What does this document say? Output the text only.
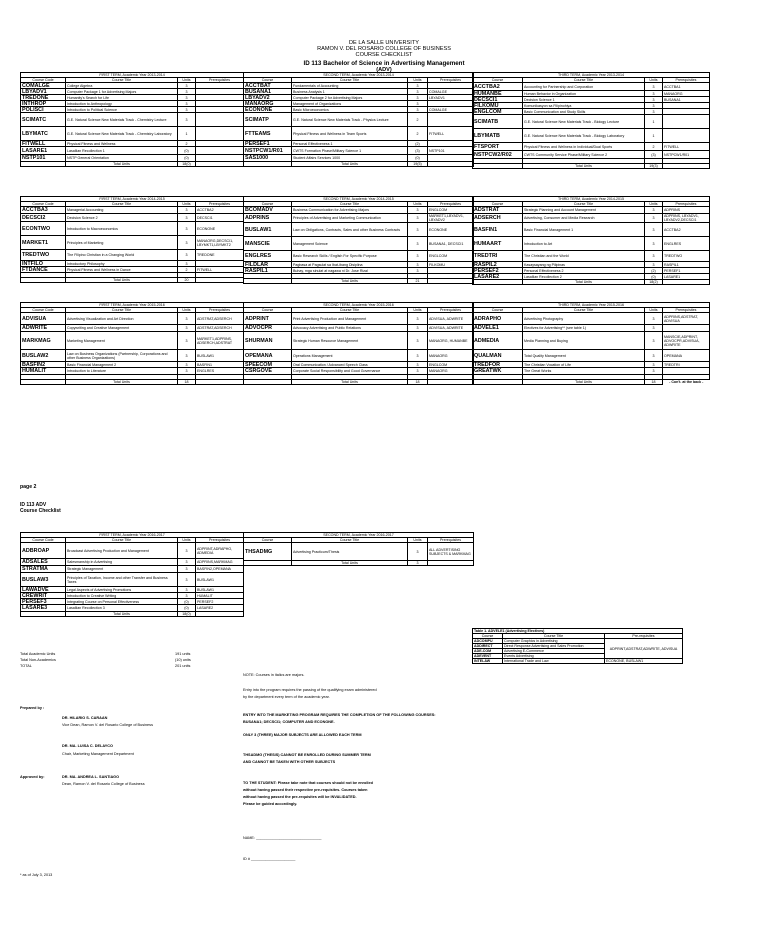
DE LA SALLE UNIVERSITY
RAMON V. DEL ROSARIO COLLEGE OF BUSINESS
COURSE CHECKLIST
ID 113 Bachelor of Science in Advertising Management
(ADV)
FIRST TERM, Academic Year 2013-2014			
Course Code	Course Title	Units	Prerequisites
COMALGE	College Algebra	3	
LBYADV1	Computer Package 1 for Advertising Majors	3	
TREDONE	Humanity's Search for Life	3	
INTHROP	Introduction to Anthropology	3	
POLISCI	Introduction to Political Science	3	
SCIMATC	G.E. Natural Science New Materials Track - Chemistry Lecture	3	
LBYMATC	G.E. Natural Science New Materials Track - Chemistry Laboratory	1	
FITWELL	Physical Fitness and Wellness	2	
LASARE1	Lasallian Recollection 1	(0)	
NSTP101	NSTP General Orientation	(0)	
	Total Units	18(0)	
SECOND TERM, Academic Year 2013-2014			
Course	Course Title	Units	Prerequisites
ACCTBAT	Fundamentals of Accounting	3	
BUSANA1	Business Analysis 1	3	COMALGE
LBYADV2	Computer Package 2 for Advertising Majors	3	LBYADV1
MANAORG	Management of Organizations	3	
ECONONE	Basic Microeconomics	3	COMALGE
SCIMATP	G.E. Natural Science New Materials Track - Physics Lecture	2	
FTTEAMS	Physical Fitness and Wellness in Team Sports	2	FITWELL
PERSEF1	Personal Effectiveness 1	(2)	
NSTPCW1/R01	CWTS Formation Phase/Military Science 1	(3)	NSTP101
SAS1000	Student Affairs Services 1000	(0)	
	Total Units	19(5)	
THIRD TERM, Academic Year 2013-2014			
Course	Course Title	Units	Prerequisites
ACCTBA2	Accounting for Partnership and Corporation	3	ACCTBA1
HUMANBE	Human Behavior in Organization	3	MANAORG
DECSCI1	Decision Science 1	3	BUSANA1
FILKOMU	Komunikasyon sa Filipinohiya	3	
ENGLCOM	Basic Communication and Study Skills	3	
SCIMATB	G.E. Natural Science New Materials Track - Biology Lecture	1	
LBYMATB	G.E. Natural Science New Materials Track - Biology Laboratory	1	
FTSPORT	Physical Fitness and Wellness in Individual/Dual Sports	2	FITWELL
NSTPCW2/R02	CWTS Community Service Phase/Military Science 2	(3)	NSTPCW1/R01

	Total Units	19(3)	
FIRST TERM, Academic Year 2014-2015			
Course Code	Course Title	Units	Prerequisites
ACCTBA3	Managerial Accounting	3	ACCTBA2
DECSCI2	Decision Science 2	3	DECSCI1
ECONTWO	Introduction to Macroeconomics	3	ECONONE
MARKET1	Principles of Marketing	3	MANAORG,DECSCI1, LBYMKT1,LBYMKT2
TREDTWO	The Filipino Christian in a Changing World	3	TREDONE
INTFILO	Introductory Philosophy	3	
FTDANCE	Physical Fitness and Wellness in Dance	2	FITWELL

	Total Units	20	
SECOND TERM, Academic Year 2014-2015			
Course	Course Title	Units	Prerequisites
BCOMADV	Business Communication for Advertising Majors	3	ENGLCOM
ADPRINS	Principles of Advertising and Marketing Communication	3	MARKET1,LBYADV1, LBYADV2
BUSLAW1	Law on Obligations, Contracts, Sales and other Business Contracts	3	ECONONE
MANSCIE	Management Science	3	BUSANA1, DECSCI1
ENGLRES	Basic Research Skills / English For Specific Purpose	3	ENGLCOM
FILDLAR	Pagbasa at Pagsulat sa Ibat-ibang Disiplina	3	FILKOMU
RASPIL1	Buhay, mga sinulat at nagawa ni Dr. Jose Rizal	3	

	Total Units	21	
THIRD TERM, Academic Year 2014-2015			
Course	Course Title	Units	Prerequisites
ADSTRAT	Strategic Planning and Account Management	3	ADPRINS
ADSERCH	Advertising, Consumer and Media Research	3	ADPRINS, LBYADV1, LBYADV2,DECSCI1
BASFIN1	Basic Financial Management 1	3	ACCTBA2
HUMAART	Introduction to Art	3	ENGLRES
TREDTRI	The Christian and the World	3	TREDTWO
RASPIL2	Kasaysayang ng Pilipinas	3	RASPIL1
PERSEF2	Personal Effectiveness 2	(2)	PERSEF1
LASARE2	Lasallian Recollection 2	(0)	LASARE1
	Total Units	18(2)	
FIRST TERM, Academic Year 2015-2016			
Course Code	Course Title	Units	Prerequisites
ADVISUA	Advertising Visualization and Art Direction	3	ADSTRAT,ADSERCH
ADWRITE	Copywriting and Creative Management	3	ADSTRAT,ADSERCH
MARKMAG	Marketing Management	3	MARKET1,ADPRINS, ADSERCH,ADSTRAT
BUSLAW2	Law on Business Organizations (Partnership, Corporations and other Business Organizations)	3	BUSLAW1
BASFIN2	Basic Financial Management 2	3	BASFIN1
HUMALIT	Introduction to Literature	3	ENGLRES

	Total Units	18	
SECOND TERM, Academic Year 2015-2016			
Course	Course Title	Units	Prerequisites
ADPRINT	Print Advertising Production and Management	3	ADVISUA, ADWRITE
ADVOCPR	Advocacy Advertising and Public Relations	3	ADVISUA, ADWRITE
SHURMAN	Strategic Human Resource Management	3	MANAORG, HUMANBE
OPEMANA	Operations Management	3	MANAORG
SPEECOM	Oral Communication / Advanced Speech Class	3	ENGLCOM
CSRGOVE	Corporate Social Responsibility and Good Governance	3	MANAORG

	Total Units	18	
THIRD TERM, Academic Year 2015-2016			
Course	Course Title	Units	Prerequisites
ADRAPHO	Advertising Photography	3	ADPRINS,ADSTRAT, ADVISUA
ADVELE1	Electives for Advertising** (see table 1)	3	
ADMEDIA	Media Planning and Buying	3	MANSCIE,ADPRINT, ADVOCPR,ADVISUA, ADWRITE
QUALMAN	Total Quality Management	3	OPEMANA
TREDFOR	The Christian Vocation of Life	3	TREDTRI
GREATWK	The Great Works	3	

	Total Units	18	- Con't. at the back -
FIRST TERM, Academic Year 2016-2017			
Course Code	Course Title	Units	Prerequisites
ADBROAP	Broadcast Advertising Production and Management	3	ADPRINT,ADRAPHO, ADMEDIA
ADSALES	Salesmanship in Advertising	3	ADPRINS,MARKMAG
STRATMA	Strategic Management	3	BASFIN2,OPEMANA
BUSLAW3	Principles of Taxation, Income and other Transfer and Business Taxes	3	BUSLAW1
LAWADVE	Legal Aspects of Advertising Promotions	3	BUSLAW1
CREWRIT	Introduction to Creative Writing	3	HUMALIT
PERSEF3	Integrating Course on Personal Effectiveness	(0)	PERSEF2
LASARE3	Lasallian Recollection 3	(0)	LASARE2
	Total Units	18(0)	
SECOND TERM, Academic Year 2016-2017			
Course	Course Title	Units	Prerequisites
THSADMG	Advertising Practicum/Thesis	3	ALL ADVERTISING SUBJECTS & MARKMAG
	Total Units	3	
Table 1. ADVELE1 (Advertising Electives)		
Course	Course Title	Pre-requisites
ADCOMPU	Computer Graphics in Advertising	ADPRINT,ADSTRAT,ADWRITE, ADVISUA
ADDIRECT	Direct Response Advertising and Sales Promotion	
ADE-COM	Advertising E-Commerce	
ADEVENT	Events Advertising	
INTELAW	International Trade and Law	ECONONE, BUSLAW1
page 2
ID 113 ADV
Course Checklist
Total Academic Units	191 units
Total Non-Academics	(10) units
TOTAL	201 units
NOTE: Courses in italics are majors.
Entry into the program requires the passing of the qualifying exam administered
by the department every term of the academic year.
ENTRY INTO THE MARKETING PROGRAM REQUIRES THE COMPLETION OF THE FOLLOWING COURSES:
BUSANA1; DECSCI1; COMPUTER AND ECONONE.
ONLY 3 (THREE) MAJOR SUBJECTS ARE ALLOWED EACH TERM
THSADMG (THESIS) CANNOT BE ENROLLED DURING SUMMER TERM
AND CANNOT BE TAKEN WITH OTHER SUBJECTS
TO THE STUDENT: Please take note that courses should not be enrolled
without having passed their respective pre-requisites. Courses taken
without having passed the pre-requisites will be INVALIDATED.
Please be guided accordingly.
NAME: _______________________________
ID # _____________________
Prepared by :
DR. HILARIO S. CARAAN
Vice Dean, Ramon V. del Rosario College of Business
DR. MA. LUISA C. DELAYCO
Chair, Marketing Management Department
Approved by:	DR. MA. ANDREA L. SANTIAGO
Dean, Ramon V. del Rosario College of Business
* as of July 3, 2013
